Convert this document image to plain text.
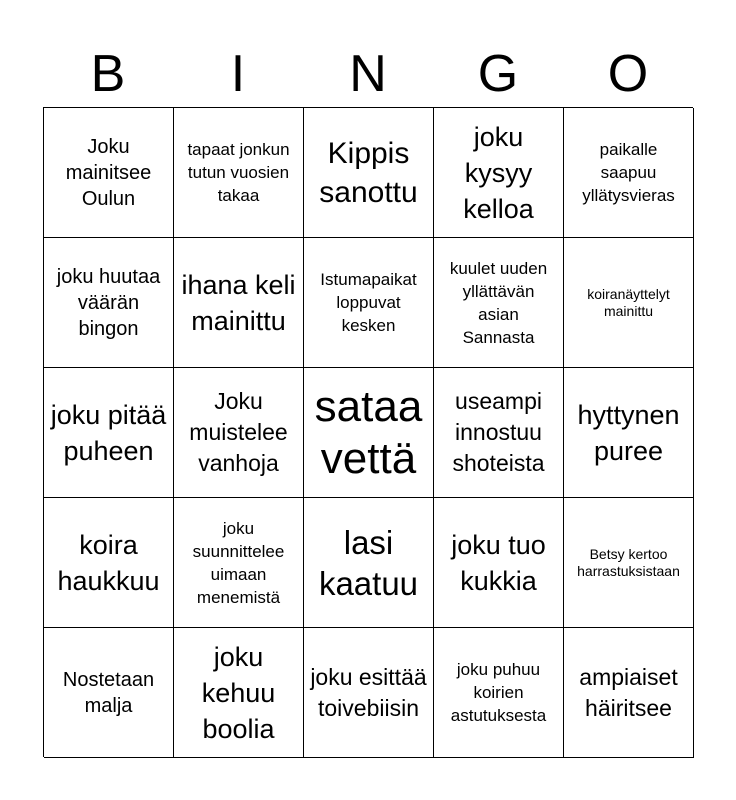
B	I	N	G	O
Joku mainitsee Oulun
tapaat jonkun tutun vuosien takaa
Kippis sanottu
joku kysyy kelloa
paikalle saapuu yllätysvieras
joku huutaa väärän bingon
ihana keli mainittu
Istumapaikat loppuvat kesken
kuulet uuden yllättävän asian Sannasta
koiranäyttelyt mainittu
joku pitää puheen
Joku muistelee vanhoja
sataa vettä
useampi innostuu shoteista
hyttynen puree
koira haukkuu
joku suunnittelee uimaan menemistä
lasi kaatuu
joku tuo kukkia
Betsy kertoo harrastuksistaan
Nostetaan malja
joku kehuu boolia
joku esittää toivebiisin
joku puhuu koirien astutuksesta
ampiaiset häiritsee
